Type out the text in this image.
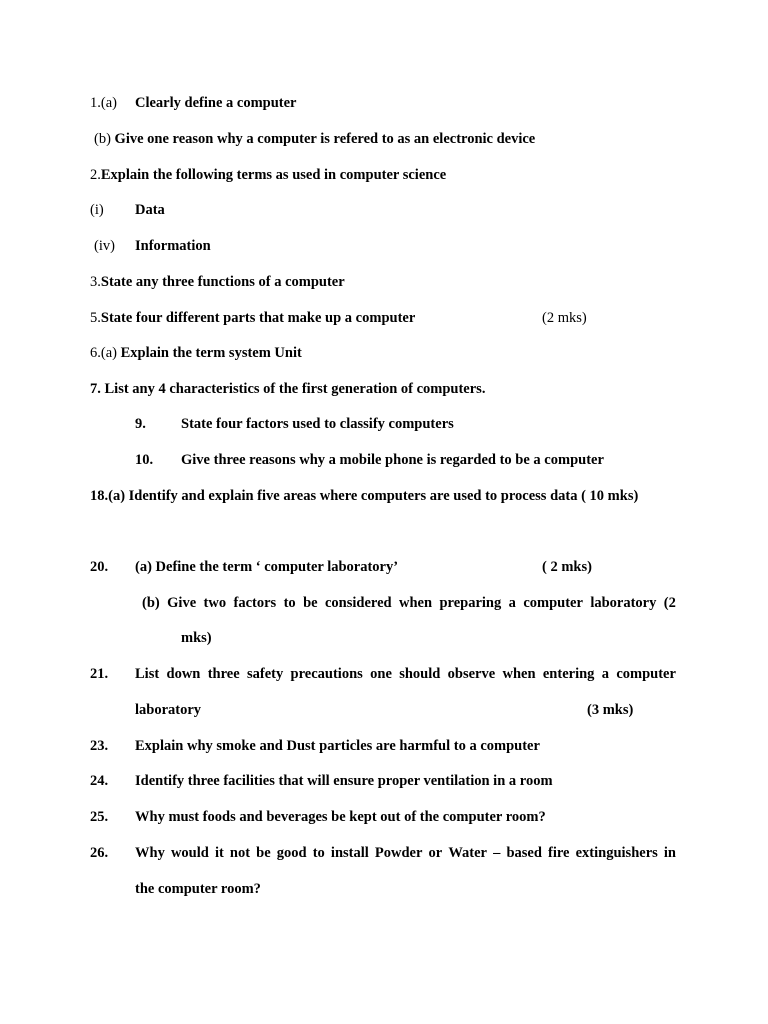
1.(a) Clearly define a computer
(b) Give one reason why a computer is refered to as an electronic device
2.Explain the following terms as used in computer science
(i) Data
(iv) Information
3.State any three functions of a computer
5.State four different parts that make up a computer	(2 mks)
6.(a) Explain the term system Unit
7. List any 4 characteristics of the first generation of computers.
9. State four factors used to classify computers
10. Give three reasons why a mobile phone is regarded to be a computer
18.(a) Identify and explain five areas where computers are used to process data ( 10 mks)
20. (a) Define the term ‘ computer laboratory’	( 2 mks)
(b) Give two factors to be considered when preparing a computer laboratory (2
mks)
21. List down three safety precautions one should observe when entering a computer
laboratory	(3 mks)
23. Explain why smoke and Dust particles are harmful to a computer
24. Identify three facilities that will ensure proper ventilation in a room
25. Why must foods and beverages be kept out of the computer room?
26. Why would it not be good to install Powder or Water – based fire extinguishers in
the computer room?
